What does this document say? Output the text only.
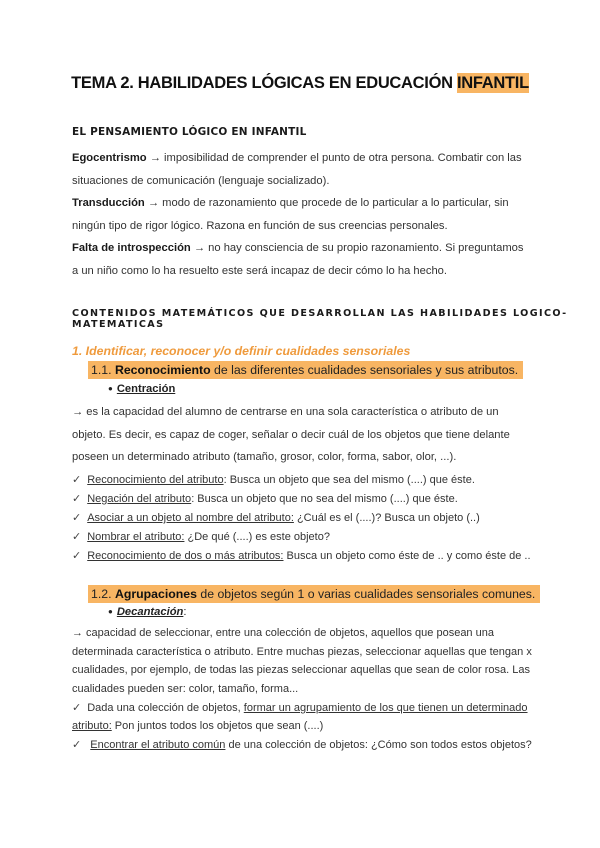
TEMA 2. HABILIDADES LÓGICAS EN EDUCACIÓN INFANTIL
EL PENSAMIENTO LÓGICO EN INFANTIL

Egocentrismo → imposibilidad de comprender el punto de otra persona. Combatir con las situaciones de comunicación (lenguaje socializado).

Transducción → modo de razonamiento que procede de lo particular a lo particular, sin ningún tipo de rigor lógico. Razona en función de sus creencias personales.

Falta de introspección → no hay consciencia de su propio razonamiento. Si preguntamos a un niño como lo ha resuelto este será incapaz de decir cómo lo ha hecho.

CONTENIDOS MATEMÁTICOS QUE DESARROLLAN LAS HABILIDADES LOGICO-MATEMATICAS
1. Identificar, reconocer y/o definir cualidades sensoriales
1.1. Reconocimiento de las diferentes cualidades sensoriales y sus atributos.
● Centración

→ es la capacidad del alumno de centrarse en una sola característica o atributo de un objeto. Es decir, es capaz de coger, señalar o decir cuál de los objetos que tiene delante poseen un determinado atributo (tamaño, grosor, color, forma, sabor, olor, ...).

✓ Reconocimiento del atributo: Busca un objeto que sea del mismo (....) que éste.
✓ Negación del atributo: Busca un objeto que no sea del mismo (....) que éste.
✓ Asociar a un objeto al nombre del atributo: ¿Cuál es el (....)? Busca un objeto (..)
✓ Nombrar el atributo: ¿De qué (....) es este objeto?
✓ Reconocimiento de dos o más atributos: Busca un objeto como éste de .. y como éste de ..
1.2. Agrupaciones de objetos según 1 o varias cualidades sensoriales comunes.
● Decantación:

→ capacidad de seleccionar, entre una colección de objetos, aquellos que posean una determinada característica o atributo. Entre muchas piezas, seleccionar aquellas que tengan x cualidades, por ejemplo, de todas las piezas seleccionar aquellas que sean de color rosa. Las cualidades pueden ser: color, tamaño, forma...

✓ Dada una colección de objetos, formar un agrupamiento de los que tienen un determinado atributo: Pon juntos todos los objetos que sean (....)
✓ Encontrar el atributo común de una colección de objetos: ¿Cómo son todos estos objetos?
